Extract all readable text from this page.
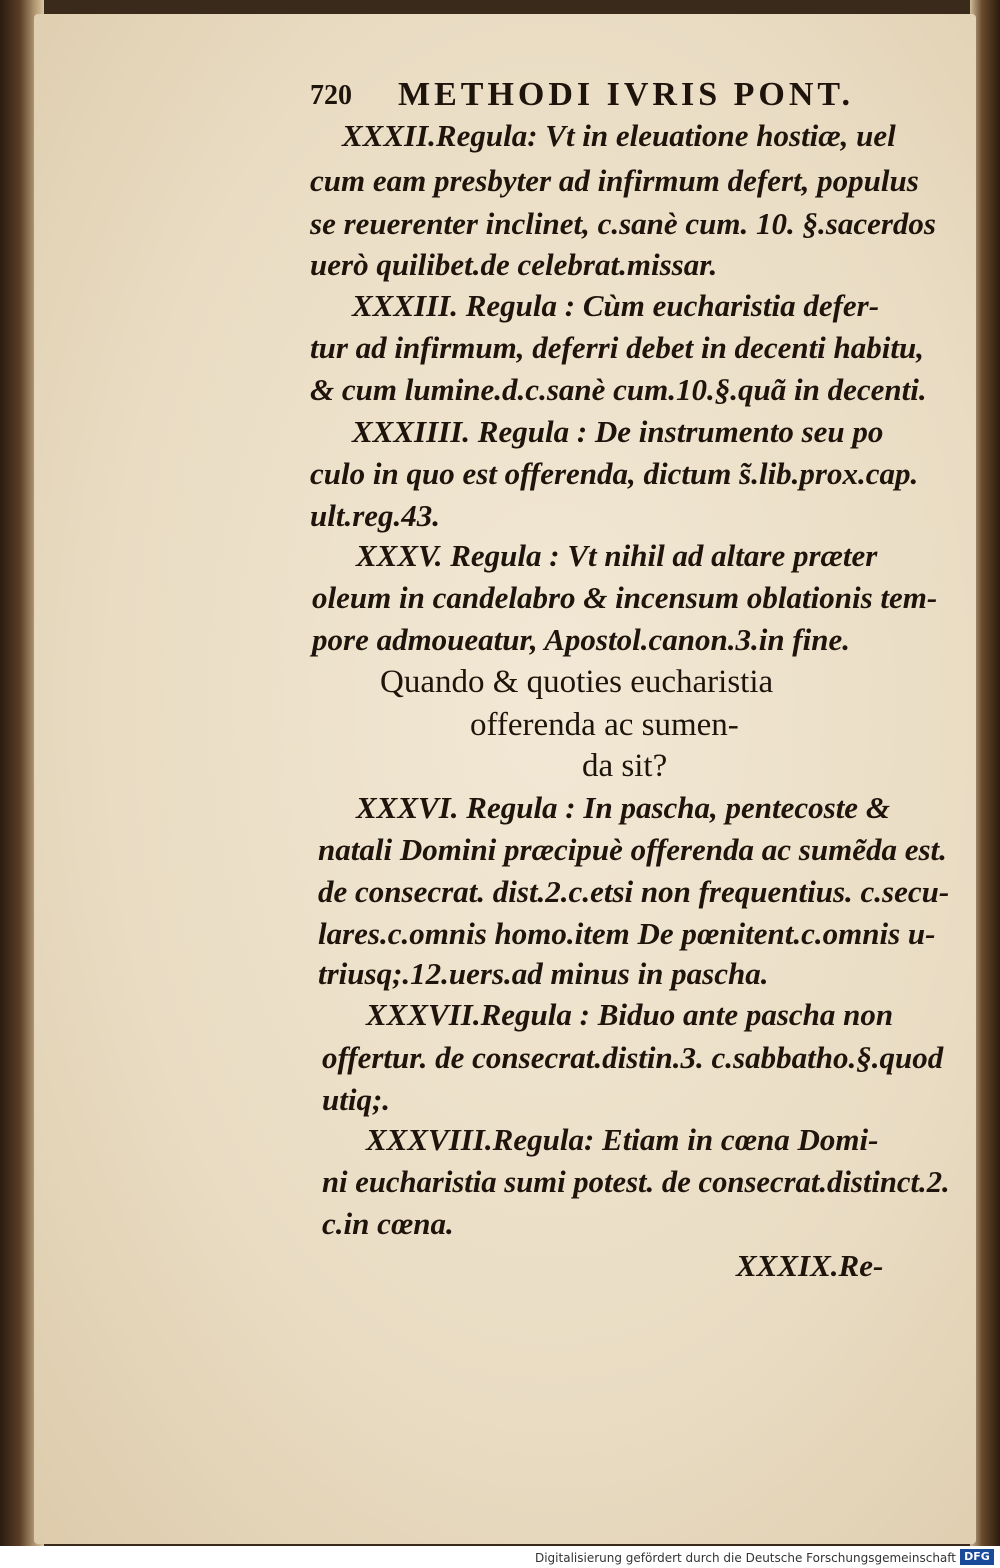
720 METHODI IVRIS PONT.
XXXII.Regula: Vt in eleuatione hostiæ, uel
cum eam presbyter ad infirmum defert, populus
se reuerenter inclinet, c.sanè cum. 10. §.sacerdos
uerò quilibet.de celebrat.missar.
XXXIII. Regula : Cùm eucharistia defer-
tur ad infirmum, deferri debet in decenti habitu,
& cum lumine.d.c.sanè cum.10.§.quã in decenti.
XXXIIII. Regula : De instrumento seu po
culo in quo est offerenda, dictum s̃.lib.prox.cap.
ult.reg.43.
XXXV. Regula : Vt nihil ad altare præter
oleum in candelabro & incensum oblationis tem-
pore admoueatur, Apostol.canon.3.in fine.
Quando & quoties eucharistia
offerenda ac sumen-
da sit?
XXXVI. Regula : In pascha, pentecoste &
natali Domini præcipuè offerenda ac sumẽda est.
de consecrat. dist.2.c.etsi non frequentius. c.secu-
lares.c.omnis homo.item De pœnitent.c.omnis u-
triusq;.12.uers.ad minus in pascha.
XXXVII.Regula : Biduo ante pascha non
offertur. de consecrat.distin.3. c.sabbatho.§.quod
utiq;.
XXXVIII.Regula: Etiam in cœna Domi-
ni eucharistia sumi potest. de consecrat.distinct.2.
c.in cœna.
XXXIX.Re-
Digitalisierung gefördert durch die Deutsche Forschungsgemeinschaft DFG
